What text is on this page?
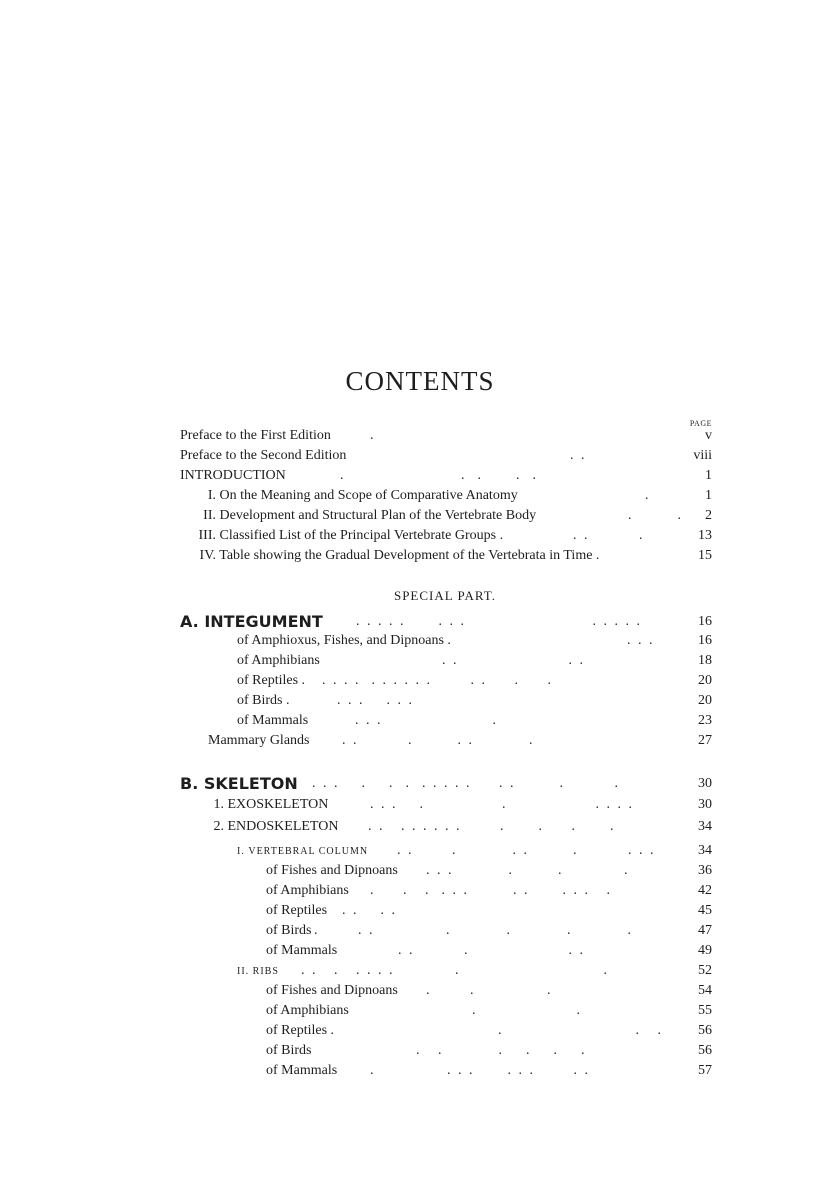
CONTENTS
PAGE
Preface to the First Edition	.	v
Preface to the Second Edition	. .	viii
INTRODUCTION	.                     .  .      .  .	1
I. On the Meaning and Scope of Comparative Anatomy	.	1
II. Development and Structural Plan of the Vertebrate Body	.        . 2
III. Classified List of the Principal Vertebrate Groups .	. .         .	13
IV. Table showing the Gradual Development of the Vertebrata in Time .	15
SPECIAL PART.
A. INTEGUMENT . . . . .      . . .                       . . . . .	16
of Amphioxus, Fishes, and Dipnoans .	. . .	16
of Amphibians	. .                    . .	18
of Reptiles . . . . .  . . . . . .       . .     .     .	20
of Birds .	. . .    . . .	20
of Mammals	. . .                    .	23
Mammary Glands . .         .        . .          .	27
B. SKELETON . . .    .    .  .  . . . . .     . .        .         .	30
1. EXOSKELETON	. . .    .              .                . . . .	30
2. ENDOSKELETON . .   . . . . . .       .      .     .      .	34
I. VERTEBRAL COLUMN . .       .          . .        .         . . .	34
of Fishes and Dipnoans . . .          .        .           .	36
of Amphibians .     .   .  . . .        . .      . . .   .	42
of Reptiles . .    . .	45
of Birds .       . .             .          .          .          .	47
of Mammals	. .         .                  . .	49
II. RIBS . .   .   . . . .           .                          .	52
of Fishes and Dipnoans .       .             .	54
of Amphibians	.                  .	55
of Reptiles .	.                        .   .	56
of Birds	.   .          .    .    .    .	56
of Mammals .             . . .      . . .       . .	57
